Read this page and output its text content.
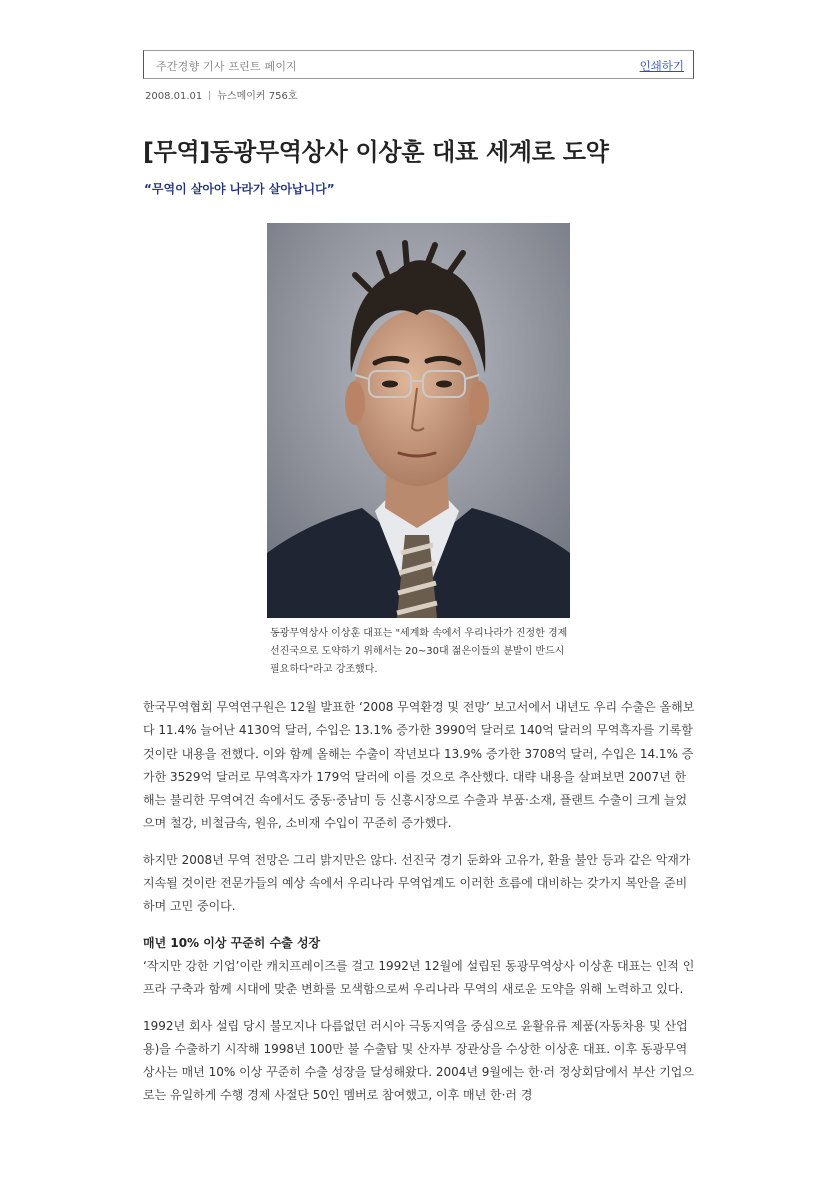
주간경향 기사 프린트 페이지	인쇄하기
2008.01.01 뉴스메이커 756호
[무역]동광무역상사 이상훈 대표 세계로 도약

“무역이 살아야 나라가 살아납니다”

동광무역상사 이상훈 대표는 "세계화 속에서 우리나라가 진정한 경제 선진국으로 도약하기 위해서는 20~30대 젊은이들의 분발이 반드시 필요하다"라고 강조했다.

한국무역협회 무역연구원은 12월 발표한 ‘2008 무역환경 및 전망’ 보고서에서 내년도 우리 수출은 올해보다 11.4% 늘어난 4130억 달러, 수입은 13.1% 증가한 3990억 달러로 140억 달러의 무역흑자를 기록할 것이란 내용을 전했다. 이와 함께 올해는 수출이 작년보다 13.9% 증가한 3708억 달러, 수입은 14.1% 증가한 3529억 달러로 무역흑자가 179억 달러에 이를 것으로 추산했다. 대략 내용을 살펴보면 2007년 한 해는 불리한 무역여건 속에서도 중동·중남미 등 신흥시장으로 수출과 부품·소재, 플랜트 수출이 크게 늘었으며 철강, 비철금속, 원유, 소비재 수입이 꾸준히 증가했다.

하지만 2008년 무역 전망은 그리 밝지만은 않다. 선진국 경기 둔화와 고유가, 환율 불안 등과 같은 악재가 지속될 것이란 전문가들의 예상 속에서 우리나라 무역업계도 이러한 흐름에 대비하는 갖가지 복안을 준비하며 고민 중이다.

매년 10% 이상 꾸준히 수출 성장

‘작지만 강한 기업’이란 캐치프레이즈를 걸고 1992년 12월에 설립된 동광무역상사 이상훈 대표는 인적 인프라 구축과 함께 시대에 맞춘 변화를 모색함으로써 우리나라 무역의 새로운 도약을 위해 노력하고 있다.

1992년 회사 설립 당시 불모지나 다름없던 러시아 극동지역을 중심으로 윤활유류 제품(자동차용 및 산업용)을 수출하기 시작해 1998년 100만 불 수출탑 및 산자부 장관상을 수상한 이상훈 대표. 이후 동광무역상사는 매년 10% 이상 꾸준히 수출 성장을 달성해왔다. 2004년 9월에는 한·러 정상회담에서 부산 기업으로는 유일하게 수행 경제 사절단 50인 멤버로 참여했고, 이후 매년 한·러 경
